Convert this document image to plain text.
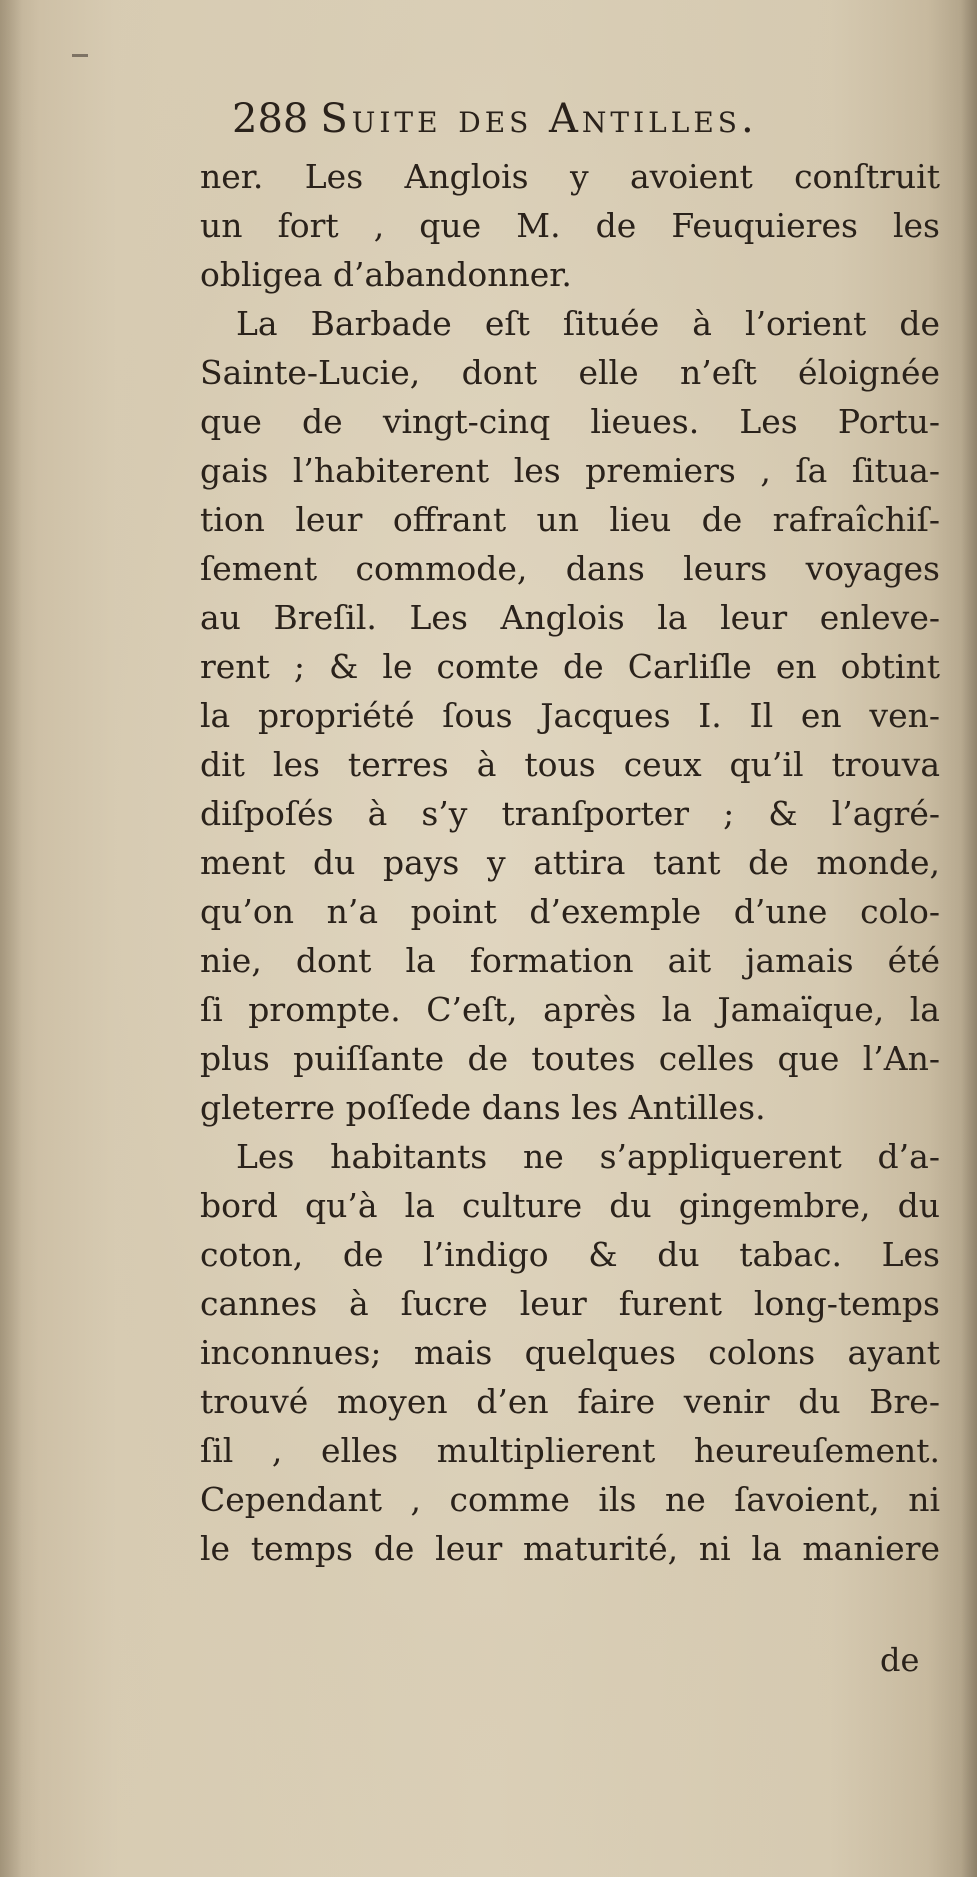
288 Suite des Antilles.
ner. Les Anglois y avoient conſtruit
un fort , que M. de Feuquieres les
obligea d’abandonner.
La Barbade eſt ſituée à l’orient de
Sainte-Lucie, dont elle n’eſt éloignée
que de vingt-cinq lieues. Les Portu-
gais l’habiterent les premiers , ſa ſitua-
tion leur offrant un lieu de rafraîchiſ-
ſement commode, dans leurs voyages
au Breſil. Les Anglois la leur enleve-
rent ; & le comte de Carliſle en obtint
la propriété ſous Jacques I. Il en ven-
dit les terres à tous ceux qu’il trouva
diſpoſés à s’y tranſporter ; & l’agré-
ment du pays y attira tant de monde,
qu’on n’a point d’exemple d’une colo-
nie, dont la formation ait jamais été
ſi prompte. C’eſt, après la Jamaïque, la
plus puiſſante de toutes celles que l’An-
gleterre poſſede dans les Antilles.
Les habitants ne s’appliquerent d’a-
bord qu’à la culture du gingembre, du
coton, de l’indigo & du tabac. Les
cannes à ſucre leur furent long-temps
inconnues; mais quelques colons ayant
trouvé moyen d’en faire venir du Bre-
ſil , elles multiplierent heureuſement.
Cependant , comme ils ne ſavoient, ni
le temps de leur maturité, ni la maniere
de
